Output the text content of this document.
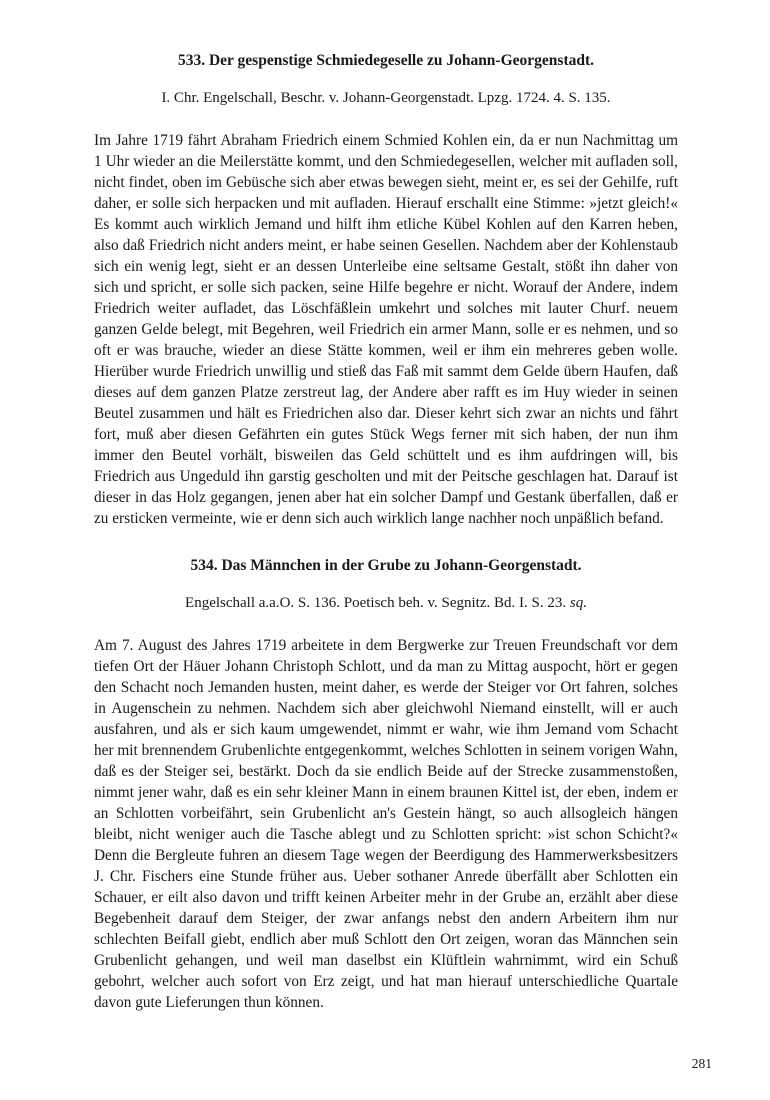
533. Der gespenstige Schmiedegeselle zu Johann-Georgenstadt.

I. Chr. Engelschall, Beschr. v. Johann-Georgenstadt. Lpzg. 1724. 4. S. 135.

Im Jahre 1719 fährt Abraham Friedrich einem Schmied Kohlen ein, da er nun Nachmittag um 1 Uhr wieder an die Meilerstätte kommt, und den Schmiedegesellen, welcher mit aufladen soll, nicht findet, oben im Gebüsche sich aber etwas bewegen sieht, meint er, es sei der Gehilfe, ruft daher, er solle sich herpacken und mit aufladen. Hierauf erschallt eine Stimme: »jetzt gleich!« Es kommt auch wirklich Jemand und hilft ihm etliche Kübel Kohlen auf den Karren heben, also daß Friedrich nicht anders meint, er habe seinen Gesellen. Nachdem aber der Kohlenstaub sich ein wenig legt, sieht er an dessen Unterleibe eine seltsame Gestalt, stößt ihn daher von sich und spricht, er solle sich packen, seine Hilfe begehre er nicht. Worauf der Andere, indem Friedrich weiter aufladet, das Löschfäßlein umkehrt und solches mit lauter Churf. neuem ganzen Gelde belegt, mit Begehren, weil Friedrich ein armer Mann, solle er es nehmen, und so oft er was brauche, wieder an diese Stätte kommen, weil er ihm ein mehreres geben wolle. Hierüber wurde Friedrich unwillig und stieß das Faß mit sammt dem Gelde übern Haufen, daß dieses auf dem ganzen Platze zerstreut lag, der Andere aber rafft es im Huy wieder in seinen Beutel zusammen und hält es Friedrichen also dar. Dieser kehrt sich zwar an nichts und fährt fort, muß aber diesen Gefährten ein gutes Stück Wegs ferner mit sich haben, der nun ihm immer den Beutel vorhält, bisweilen das Geld schüttelt und es ihm aufdringen will, bis Friedrich aus Ungeduld ihn garstig gescholten und mit der Peitsche geschlagen hat. Darauf ist dieser in das Holz gegangen, jenen aber hat ein solcher Dampf und Gestank überfallen, daß er zu ersticken vermeinte, wie er denn sich auch wirklich lange nachher noch unpäßlich befand.

534. Das Männchen in der Grube zu Johann-Georgenstadt.

Engelschall a.a.O. S. 136. Poetisch beh. v. Segnitz. Bd. I. S. 23. sq.

Am 7. August des Jahres 1719 arbeitete in dem Bergwerke zur Treuen Freundschaft vor dem tiefen Ort der Häuer Johann Christoph Schlott, und da man zu Mittag auspocht, hört er gegen den Schacht noch Jemanden husten, meint daher, es werde der Steiger vor Ort fahren, solches in Augenschein zu nehmen. Nachdem sich aber gleichwohl Niemand einstellt, will er auch ausfahren, und als er sich kaum umgewendet, nimmt er wahr, wie ihm Jemand vom Schacht her mit brennendem Grubenlichte entgegenkommt, welches Schlotten in seinem vorigen Wahn, daß es der Steiger sei, bestärkt. Doch da sie endlich Beide auf der Strecke zusammenstoßen, nimmt jener wahr, daß es ein sehr kleiner Mann in einem braunen Kittel ist, der eben, indem er an Schlotten vorbeifährt, sein Grubenlicht an's Gestein hängt, so auch allsogleich hängen bleibt, nicht weniger auch die Tasche ablegt und zu Schlotten spricht: »ist schon Schicht?« Denn die Bergleute fuhren an diesem Tage wegen der Beerdigung des Hammerwerksbesitzers J. Chr. Fischers eine Stunde früher aus. Ueber sothaner Anrede überfällt aber Schlotten ein Schauer, er eilt also davon und trifft keinen Arbeiter mehr in der Grube an, erzählt aber diese Begebenheit darauf dem Steiger, der zwar anfangs nebst den andern Arbeitern ihm nur schlechten Beifall giebt, endlich aber muß Schlott den Ort zeigen, woran das Männchen sein Grubenlicht gehangen, und weil man daselbst ein Klüftlein wahrnimmt, wird ein Schuß gebohrt, welcher auch sofort von Erz zeigt, und hat man hierauf unterschiedliche Quartale davon gute Lieferungen thun können.

281
